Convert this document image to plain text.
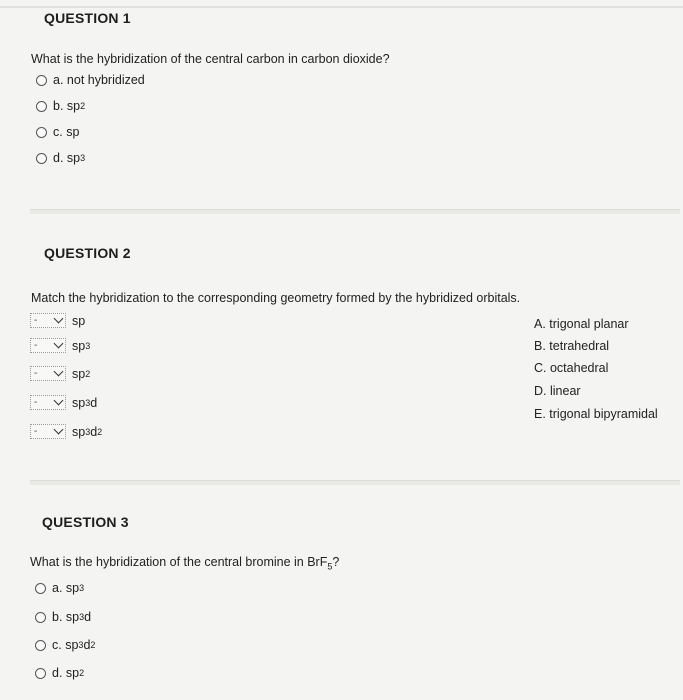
QUESTION 1
What is the hybridization of the central carbon in carbon dioxide?
a.
not hybridized
b.
sp 2
c.
sp
d.
sp 3
QUESTION 2
Match the hybridization to the corresponding geometry formed by the hybridized orbitals.
-	sp
-	sp 3
-	sp 2
-	sp 3 d
-	sp 3 d 2
A. trigonal planar
B. tetrahedral
C. octahedral
D. linear
E. trigonal bipyramidal
QUESTION 3
What is the hybridization of the central bromine in BrF$_5$?
a.
sp 3
b.
sp 3 d
c.
sp 3 d 2
d.
sp 2
